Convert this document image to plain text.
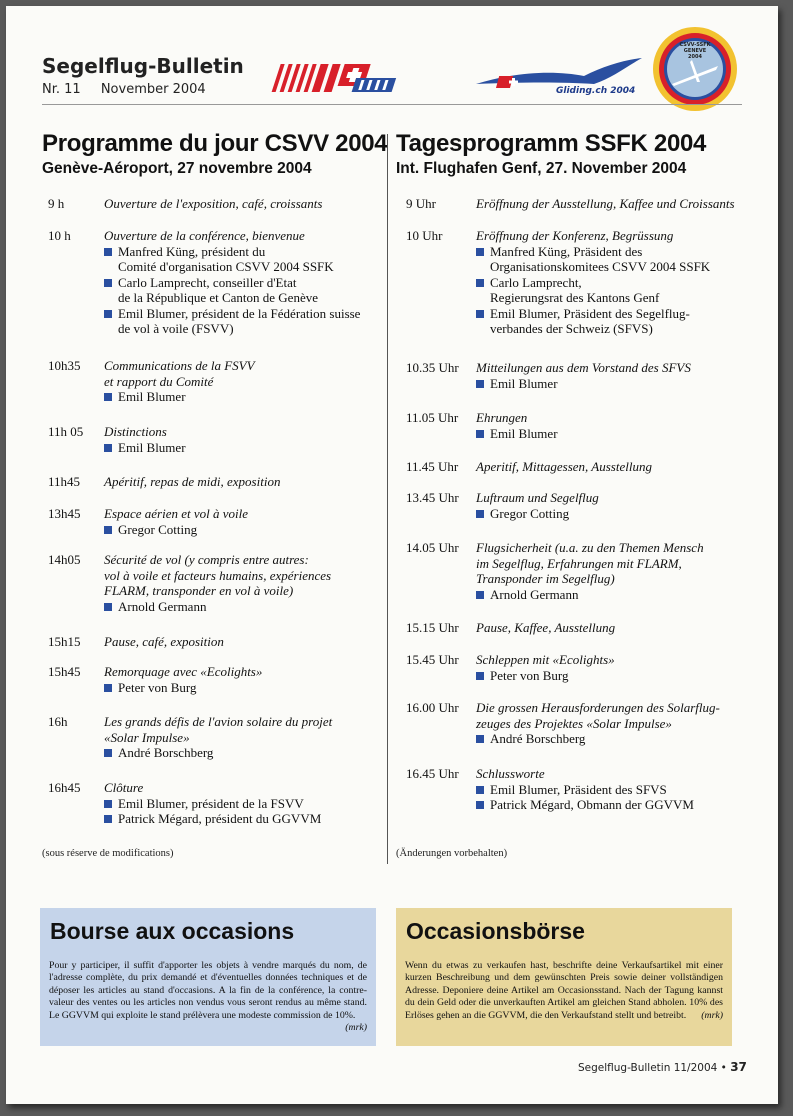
Segelflug-Bulletin
Nr. 11 November 2004	Gliding.ch 2004
CSVV-SSFK
GENEVE
2004
Programme du jour CSVV 2004
Genève-Aéroport, 27 novembre 2004
Tagesprogramm SSFK 2004
Int. Flughafen Genf, 27. November 2004
9 h	Ouverture de l'exposition, café, croissants
10 h	Ouverture de la conférence, bienvenue
Manfred Küng, président du
Comité d'organisation CSVV 2004 SSFK
Carlo Lamprecht, conseiller d'Etat
de la République et Canton de Genève
Emil Blumer, président de la Fédération suisse
de vol à voile (FSVV)
10h35 Communications de la FSVV
et rapport du Comité
Emil Blumer
11h 05 Distinctions
Emil Blumer
11h45 Apéritif, repas de midi, exposition
13h45 Espace aérien et vol à voile
Gregor Cotting
14h05 Sécurité de vol (y compris entre autres:
vol à voile et facteurs humains, expériences
FLARM, transponder en vol à voile)
Arnold Germann
15h15 Pause, café, exposition
15h45 Remorquage avec «Ecolights»
Peter von Burg
16h	Les grands défis de l'avion solaire du projet
«Solar Impulse»
André Borschberg
16h45 Clôture
Emil Blumer, président de la FSVV
Patrick Mégard, président du GGVVM
9 Uhr	Eröffnung der Ausstellung, Kaffee und Croissants
10 Uhr	Eröffnung der Konferenz, Begrüssung
Manfred Küng, Präsident des
Organisationskomitees CSVV 2004 SSFK
Carlo Lamprecht,
Regierungsrat des Kantons Genf
Emil Blumer, Präsident des Segelflug-
verbandes der Schweiz (SFVS)
10.35 Uhr Mitteilungen aus dem Vorstand des SFVS
Emil Blumer
11.05 Uhr Ehrungen
Emil Blumer
11.45 Uhr Aperitif, Mittagessen, Ausstellung
13.45 Uhr Luftraum und Segelflug
Gregor Cotting
14.05 Uhr Flugsicherheit (u.a. zu den Themen Mensch
im Segelflug, Erfahrungen mit FLARM,
Transponder im Segelflug)
Arnold Germann
15.15 Uhr Pause, Kaffee, Ausstellung
15.45 Uhr Schleppen mit «Ecolights»
Peter von Burg
16.00 Uhr Die grossen Herausforderungen des Solarflug-
zeuges des Projektes «Solar Impulse»
André Borschberg
16.45 Uhr Schlussworte
Emil Blumer, Präsident des SFVS
Patrick Mégard, Obmann der GGVVM
(sous réserve de modifications)	(Änderungen vorbehalten)
Bourse aux occasions
Pour y participer, il suffit d'apporter les objets à vendre marqués du nom, de l'adresse complète, du prix demandé et d'éventuelles données techniques et de déposer les articles au stand d'occasions. A la fin de la conférence, la contre-valeur des ventes ou les articles non vendus vous seront rendus au même stand. Le GGVVM qui exploite le stand prélèvera une modeste commission de 10%.
(mrk)
Occasionsbörse
Wenn du etwas zu verkaufen hast, beschrifte deine Verkaufsartikel mit einer kurzen Beschreibung und dem gewünschten Preis sowie deiner vollständigen Adresse. Deponiere deine Artikel am Occasionsstand. Nach der Tagung kannst du dein Geld oder die unverkauften Artikel am gleichen Stand abholen. 10% des Erlöses gehen an die GGVVM, die den Verkaufstand stellt und betreibt. (mrk)
Segelflug-Bulletin 11/2004 • 37
